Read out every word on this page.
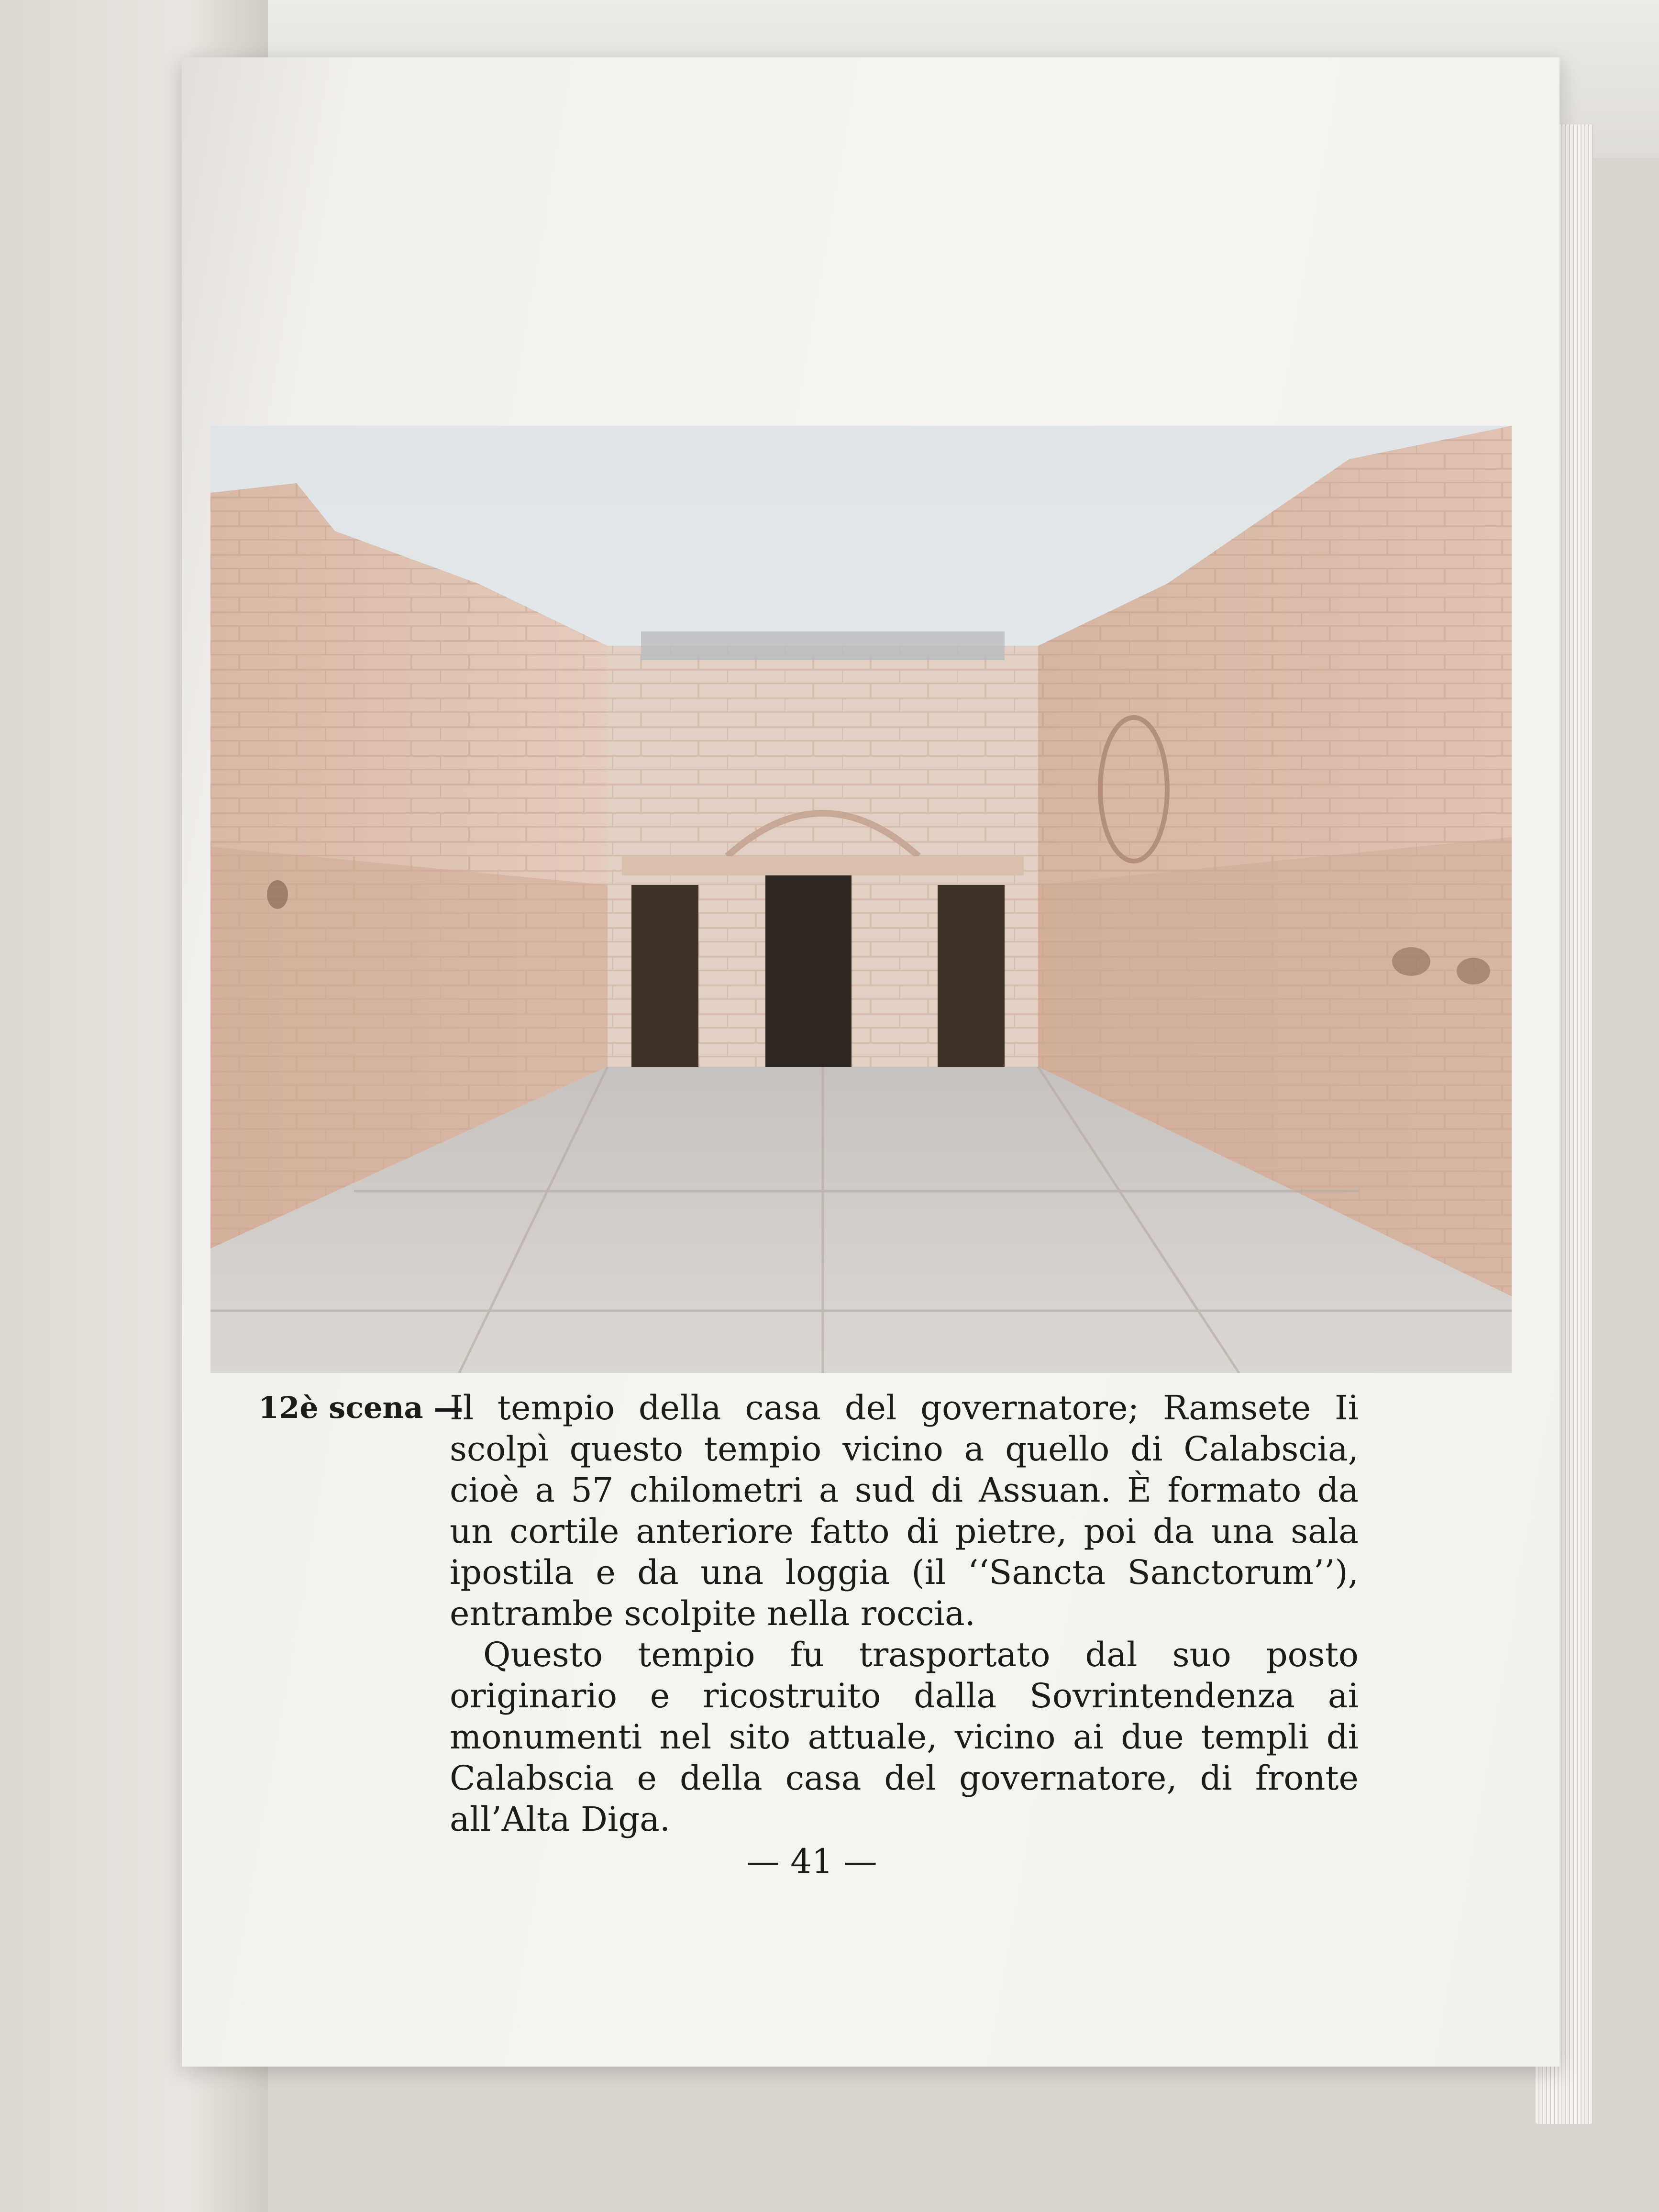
12è scena —

Il tempio della casa del governatore; Ramsete Ii scolpì questo tempio vicino a quello di Calabscia, cioè a 57 chilometri a sud di Assuan. È formato da un cortile anteriore fatto di pietre, poi da una sala ipostila e da una loggia (il ‘‘Sancta Sanctorum’’), entrambe scolpite nella roccia.

Questo tempio fu trasportato dal suo posto originario e ricostruito dalla Sovrintendenza ai monumenti nel sito attuale, vicino ai due templi di Calabscia e della casa del governatore, di fronte all’Alta Diga.

— 41 —
